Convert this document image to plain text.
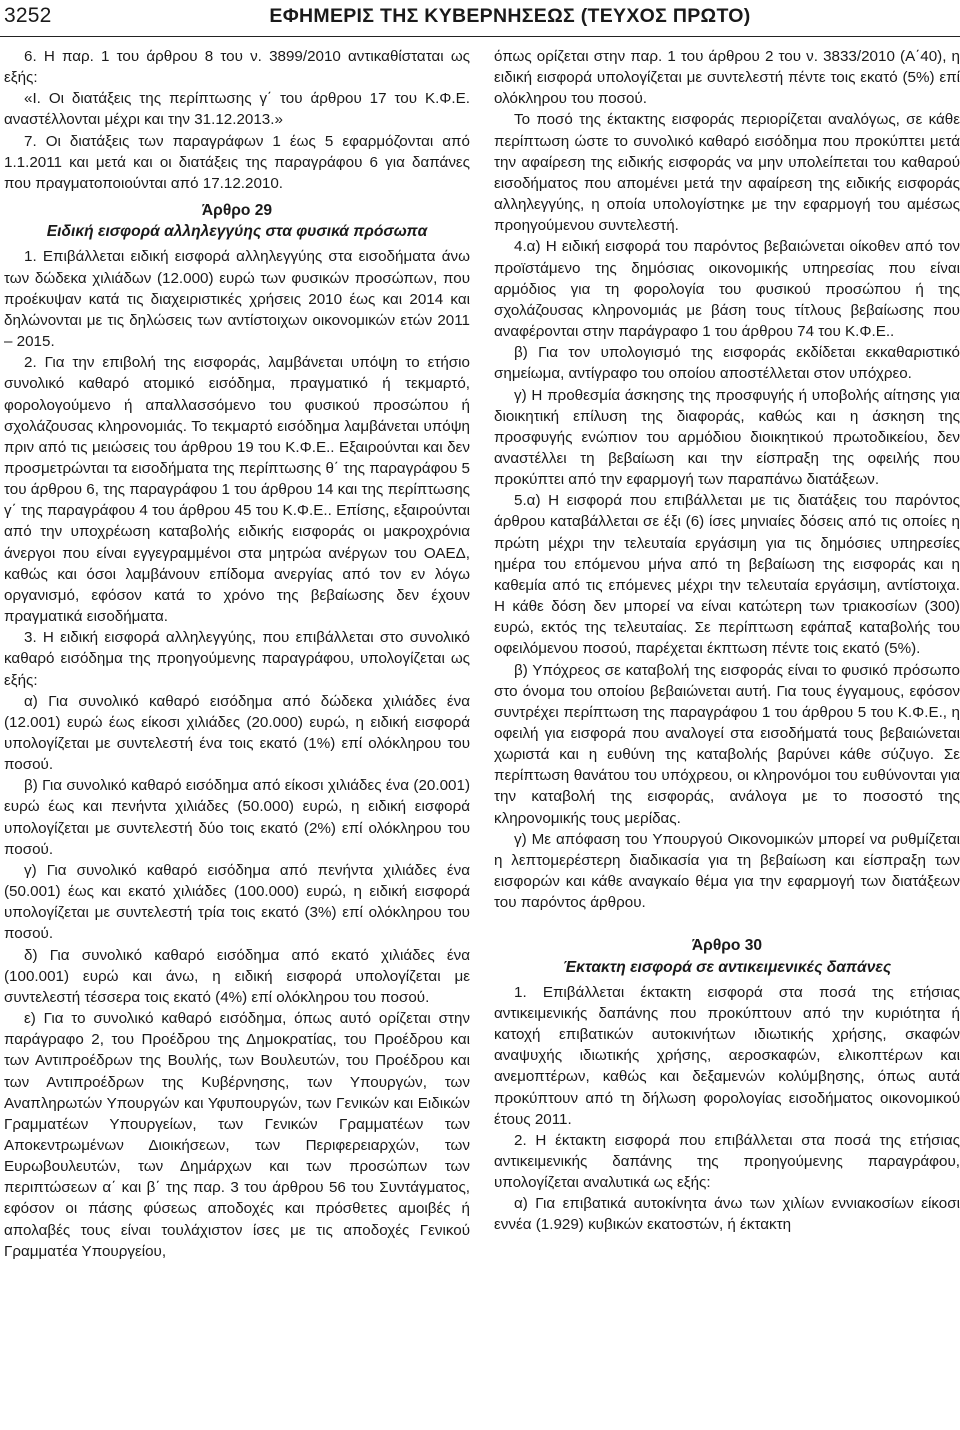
3252	ΕΦΗΜΕΡΙΣ ΤΗΣ ΚΥΒΕΡΝΗΣΕΩΣ (ΤΕΥΧΟΣ ΠΡΩΤΟ)

6. Η παρ. 1 του άρθρου 8 του ν. 3899/2010 αντικαθίσταται ως εξής:

«Ι. Οι διατάξεις της περίπτωσης γ΄ του άρθρου 17 του Κ.Φ.Ε. αναστέλλονται μέχρι και την 31.12.2013.»

7. Οι διατάξεις των παραγράφων 1 έως 5 εφαρμόζονται από 1.1.2011 και μετά και οι διατάξεις της παραγράφου 6 για δαπάνες που πραγματοποιούνται από 17.12.2010.

Άρθρο 29
Ειδική εισφορά αλληλεγγύης στα φυσικά πρόσωπα

1. Επιβάλλεται ειδική εισφορά αλληλεγγύης στα εισοδήματα άνω των δώδεκα χιλιάδων (12.000) ευρώ των φυσικών προσώπων, που προέκυψαν κατά τις διαχειριστικές χρήσεις 2010 έως και 2014 και δηλώνονται με τις δηλώσεις των αντίστοιχων οικονομικών ετών 2011 – 2015.

2. Για την επιβολή της εισφοράς, λαμβάνεται υπόψη το ετήσιο συνολικό καθαρό ατομικό εισόδημα, πραγματικό ή τεκμαρτό, φορολογούμενο ή απαλλασσόμενο του φυσικού προσώπου ή σχολάζουσας κληρονομιάς. Το τεκμαρτό εισόδημα λαμβάνεται υπόψη πριν από τις μειώσεις του άρθρου 19 του Κ.Φ.Ε.. Εξαιρούνται και δεν προσμετρώνται τα εισοδήματα της περίπτωσης θ΄ της παραγράφου 5 του άρθρου 6, της παραγράφου 1 του άρθρου 14 και της περίπτωσης γ΄ της παραγράφου 4 του άρθρου 45 του Κ.Φ.Ε.. Επίσης, εξαιρούνται από την υποχρέωση καταβολής ειδικής εισφοράς οι μακροχρόνια άνεργοι που είναι εγγεγραμμένοι στα μητρώα ανέργων του ΟΑΕΔ, καθώς και όσοι λαμβάνουν επίδομα ανεργίας από τον εν λόγω οργανισμό, εφόσον κατά το χρόνο της βεβαίωσης δεν έχουν πραγματικά εισοδήματα.

3. Η ειδική εισφορά αλληλεγγύης, που επιβάλλεται στο συνολικό καθαρό εισόδημα της προηγούμενης παραγράφου, υπολογίζεται ως εξής:

α) Για συνολικό καθαρό εισόδημα από δώδεκα χιλιάδες ένα (12.001) ευρώ έως είκοσι χιλιάδες (20.000) ευρώ, η ειδική εισφορά υπολογίζεται με συντελεστή ένα τοις εκατό (1%) επί ολόκληρου του ποσού.

β) Για συνολικό καθαρό εισόδημα από είκοσι χιλιάδες ένα (20.001) ευρώ έως και πενήντα χιλιάδες (50.000) ευρώ, η ειδική εισφορά υπολογίζεται με συντελεστή δύο τοις εκατό (2%) επί ολόκληρου του ποσού.

γ) Για συνολικό καθαρό εισόδημα από πενήντα χιλιάδες ένα (50.001) έως και εκατό χιλιάδες (100.000) ευρώ, η ειδική εισφορά υπολογίζεται με συντελεστή τρία τοις εκατό (3%) επί ολόκληρου του ποσού.

δ) Για συνολικό καθαρό εισόδημα από εκατό χιλιάδες ένα (100.001) ευρώ και άνω, η ειδική εισφορά υπολογίζεται με συντελεστή τέσσερα τοις εκατό (4%) επί ολόκληρου του ποσού.

ε) Για το συνολικό καθαρό εισόδημα, όπως αυτό ορίζεται στην παράγραφο 2, του Προέδρου της Δημοκρατίας, του Προέδρου και των Αντιπροέδρων της Βουλής, των Βουλευτών, του Προέδρου και των Αντιπροέδρων της Κυβέρνησης, των Υπουργών, των Αναπληρωτών Υπουργών και Υφυπουργών, των Γενικών και Ειδικών Γραμματέων Υπουργείων, των Γενικών Γραμματέων των Αποκεντρωμένων Διοικήσεων, των Περιφερειαρχών, των Ευρωβουλευτών, των Δημάρχων και των προσώπων των περιπτώσεων α΄ και β΄ της παρ. 3 του άρθρου 56 του Συντάγματος, εφόσον οι πάσης φύσεως αποδοχές και πρόσθετες αμοιβές ή απολαβές τους είναι τουλάχιστον ίσες με τις αποδοχές Γενικού Γραμματέα Υπουργείου,

όπως ορίζεται στην παρ. 1 του άρθρου 2 του ν. 3833/2010 (Α΄40), η ειδική εισφορά υπολογίζεται με συντελεστή πέντε τοις εκατό (5%) επί ολόκληρου του ποσού.

Το ποσό της έκτακτης εισφοράς περιορίζεται αναλόγως, σε κάθε περίπτωση ώστε το συνολικό καθαρό εισόδημα που προκύπτει μετά την αφαίρεση της ειδικής εισφοράς να μην υπολείπεται του καθαρού εισοδήματος που απομένει μετά την αφαίρεση της ειδικής εισφοράς αλληλεγγύης, η οποία υπολογίστηκε με την εφαρμογή του αμέσως προηγούμενου συντελεστή.

4.α) Η ειδική εισφορά του παρόντος βεβαιώνεται οίκοθεν από τον προϊστάμενο της δημόσιας οικονομικής υπηρεσίας που είναι αρμόδιος για τη φορολογία του φυσικού προσώπου ή της σχολάζουσας κληρονομιάς με βάση τους τίτλους βεβαίωσης που αναφέρονται στην παράγραφο 1 του άρθρου 74 του Κ.Φ.Ε..

β) Για τον υπολογισμό της εισφοράς εκδίδεται εκκαθαριστικό σημείωμα, αντίγραφο του οποίου αποστέλλεται στον υπόχρεο.

γ) Η προθεσμία άσκησης της προσφυγής ή υποβολής αίτησης για διοικητική επίλυση της διαφοράς, καθώς και η άσκηση της προσφυγής ενώπιον του αρμόδιου διοικητικού πρωτοδικείου, δεν αναστέλλει τη βεβαίωση και την είσπραξη της οφειλής που προκύπτει από την εφαρμογή των παραπάνω διατάξεων.

5.α) Η εισφορά που επιβάλλεται με τις διατάξεις του παρόντος άρθρου καταβάλλεται σε έξι (6) ίσες μηνιαίες δόσεις από τις οποίες η πρώτη μέχρι την τελευταία εργάσιμη για τις δημόσιες υπηρεσίες ημέρα του επόμενου μήνα από τη βεβαίωση της εισφοράς και η καθεμία από τις επόμενες μέχρι την τελευταία εργάσιμη, αντίστοιχα. Η κάθε δόση δεν μπορεί να είναι κατώτερη των τριακοσίων (300) ευρώ, εκτός της τελευταίας. Σε περίπτωση εφάπαξ καταβολής του οφειλόμενου ποσού, παρέχεται έκπτωση πέντε τοις εκατό (5%).

β) Υπόχρεος σε καταβολή της εισφοράς είναι το φυσικό πρόσωπο στο όνομα του οποίου βεβαιώνεται αυτή. Για τους έγγαμους, εφόσον συντρέχει περίπτωση της παραγράφου 1 του άρθρου 5 του Κ.Φ.Ε., η οφειλή για εισφορά που αναλογεί στα εισοδήματά τους βεβαιώνεται χωριστά και η ευθύνη της καταβολής βαρύνει κάθε σύζυγο. Σε περίπτωση θανάτου του υπόχρεου, οι κληρονόμοι του ευθύνονται για την καταβολή της εισφοράς, ανάλογα με το ποσοστό της κληρονομικής τους μερίδας.

γ) Με απόφαση του Υπουργού Οικονομικών μπορεί να ρυθμίζεται η λεπτομερέστερη διαδικασία για τη βεβαίωση και είσπραξη των εισφορών και κάθε αναγκαίο θέμα για την εφαρμογή των διατάξεων του παρόντος άρθρου.

Άρθρο 30
Έκτακτη εισφορά σε αντικειμενικές δαπάνες

1. Επιβάλλεται έκτακτη εισφορά στα ποσά της ετήσιας αντικειμενικής δαπάνης που προκύπτουν από την κυριότητα ή κατοχή επιβατικών αυτοκινήτων ιδιωτικής χρήσης, σκαφών αναψυχής ιδιωτικής χρήσης, αεροσκαφών, ελικοπτέρων και ανεμοπτέρων, καθώς και δεξαμενών κολύμβησης, όπως αυτά προκύπτουν από τη δήλωση φορολογίας εισοδήματος οικονομικού έτους 2011.

2. Η έκτακτη εισφορά που επιβάλλεται στα ποσά της ετήσιας αντικειμενικής δαπάνης της προηγούμενης παραγράφου, υπολογίζεται αναλυτικά ως εξής:

α) Για επιβατικά αυτοκίνητα άνω των χιλίων εννιακοσίων είκοσι εννέα (1.929) κυβικών εκατοστών, ή έκτακτη
